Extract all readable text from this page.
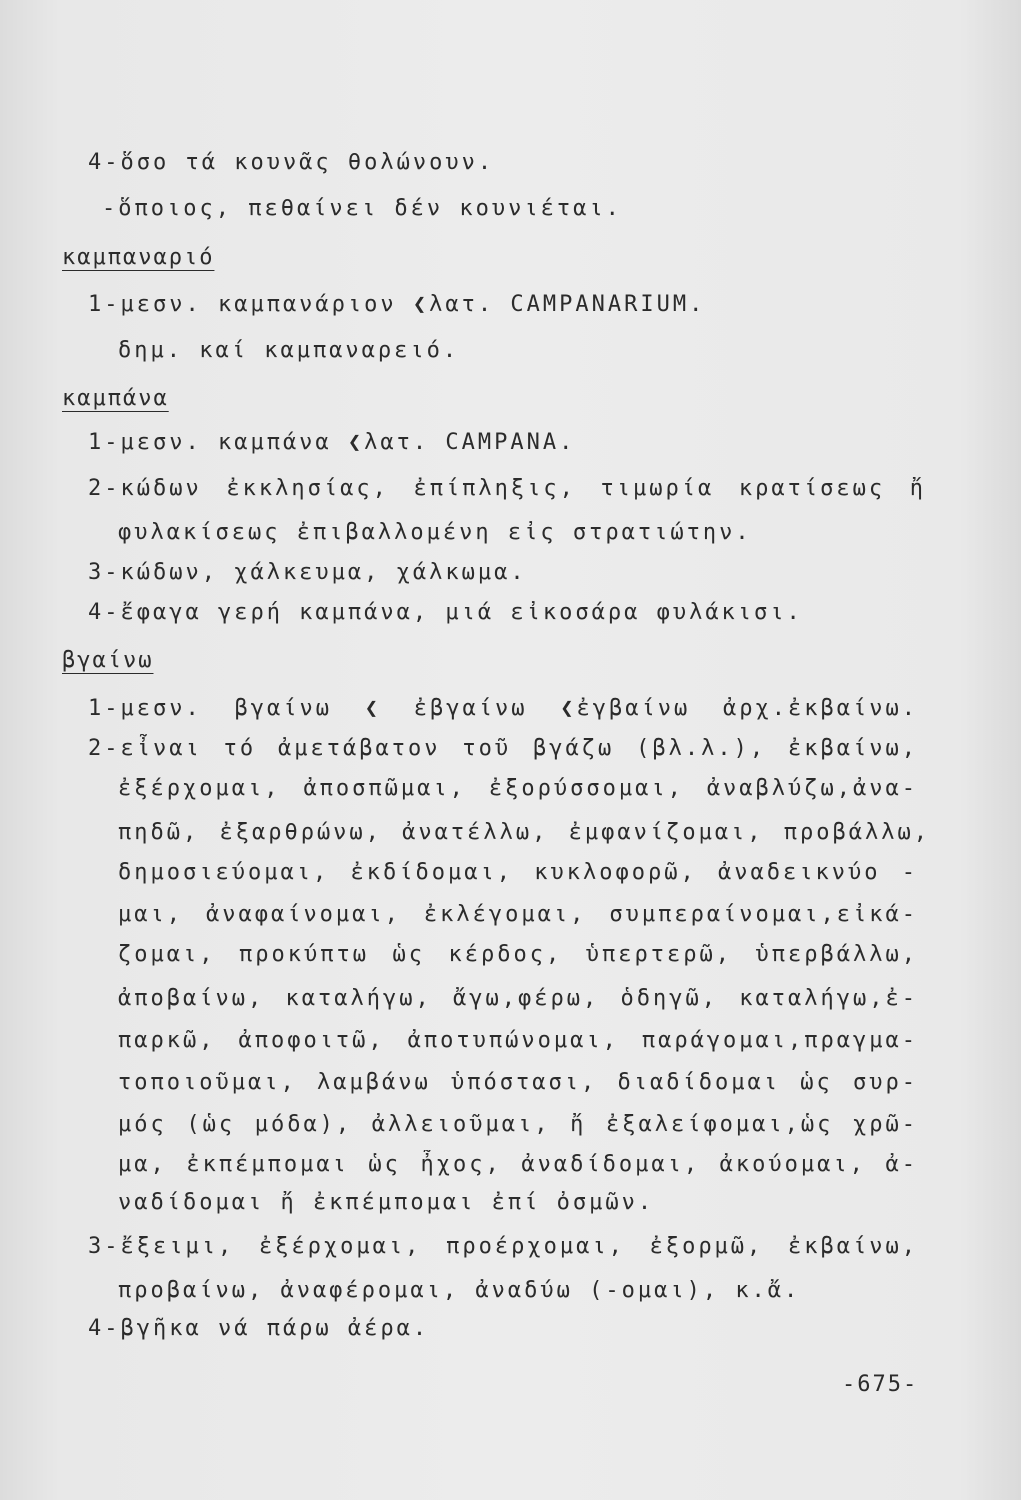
4-ὅσο τά κουνᾶς θολώνουν.
-ὅποιος, πεθαίνει δέν κουνιέται.
καμπαναριό
1-μεσν. καμπανάριον ❮λατ. CAMPANARIUM.
δημ. καί καμπαναρειό.
καμπάνα
1-μεσν. καμπάνα ❮λατ. CAMPANA.
2-κώδων ἐκκλησίας, ἐπίπληξις, τιμωρία κρατίσεως ἤ
φυλακίσεως ἐπιβαλλομένη εἰς στρατιώτην.
3-κώδων, χάλκευμα, χάλκωμα.
4-ἔφαγα γερή καμπάνα, μιά εἰκοσάρα φυλάκισι.
βγαίνω
1-μεσν. βγαίνω ❮ ἐβγαίνω ❮ἐγβαίνω ἀρχ.ἐκβαίνω.
2-εἶναι τό ἀμετάβατον τοῦ βγάζω (βλ.λ.), ἐκβαίνω,
ἐξέρχομαι, ἀποσπῶμαι, ἐξορύσσομαι, ἀναβλύζω,ἀνα-
πηδῶ, ἐξαρθρώνω, ἀνατέλλω, ἐμφανίζομαι, προβάλλω,
δημοσιεύομαι, ἐκδίδομαι, κυκλοφορῶ, ἀναδεικνύο -
μαι, ἀναφαίνομαι, ἐκλέγομαι, συμπεραίνομαι,εἰκά-
ζομαι, προκύπτω ὡς κέρδος, ὑπερτερῶ, ὑπερβάλλω,
ἀποβαίνω, καταλήγω, ἄγω,φέρω, ὁδηγῶ, καταλήγω,ἐ-
παρκῶ, ἀποφοιτῶ, ἀποτυπώνομαι, παράγομαι,πραγμα-
τοποιοῦμαι, λαμβάνω ὑπόστασι, διαδίδομαι ὡς συρ-
μός (ὡς μόδα), ἀλλειοῦμαι, ἤ ἐξαλείφομαι,ὡς χρῶ-
μα, ἐκπέμπομαι ὡς ἦχος, ἀναδίδομαι, ἀκούομαι, ἀ-
ναδίδομαι ἤ ἐκπέμπομαι ἐπί ὀσμῶν.
3-ἔξειμι, ἐξέρχομαι, προέρχομαι, ἐξορμῶ, ἐκβαίνω,
προβαίνω, ἀναφέρομαι, ἀναδύω (-ομαι), κ.ἄ.
4-βγῆκα νά πάρω ἀέρα.
-675-
